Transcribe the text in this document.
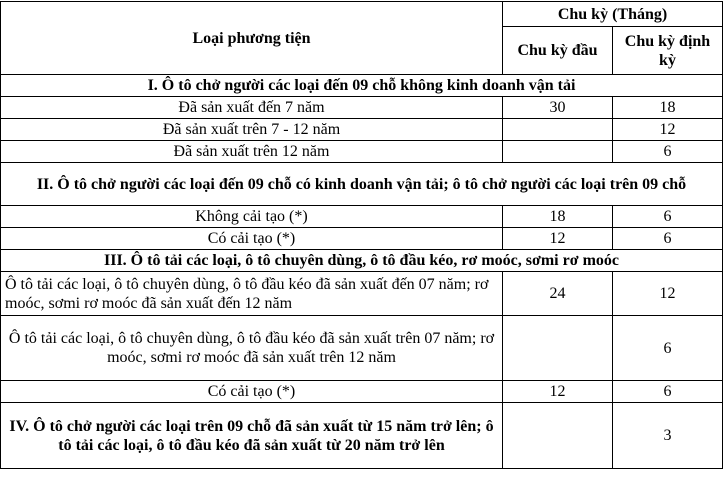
Loại phương tiện	Chu kỳ (Tháng)	
	Chu kỳ đầu	Chu kỳ định kỳ
I. Ô tô chở người các loại đến 09 chỗ không kinh doanh vận tải		
Đã sản xuất đến 7 năm	30	18
Đã sản xuất trên 7 - 12 năm		12
Đã sản xuất trên 12 năm		6
II. Ô tô chở người các loại đến 09 chỗ có kinh doanh vận tải; ô tô chở người các loại trên 09 chỗ		
Không cải tạo (*)	18	6
Có cải tạo (*)	12	6
III. Ô tô tải các loại, ô tô chuyên dùng, ô tô đầu kéo, rơ moóc, sơmi rơ moóc		
Ô tô tải các loại, ô tô chuyên dùng, ô tô đầu kéo đã sản xuất đến 07 năm; rơ moóc, sơmi rơ moóc đã sản xuất đến 12 năm	24	12
Ô tô tải các loại, ô tô chuyên dùng, ô tô đầu kéo đã sản xuất trên 07 năm; rơ moóc, sơmi rơ moóc đã sản xuất trên 12 năm		6
Có cải tạo (*)	12	6
IV. Ô tô chở người các loại trên 09 chỗ đã sản xuất từ 15 năm trở lên; ô tô tải các loại, ô tô đầu kéo đã sản xuất từ 20 năm trở lên		3
